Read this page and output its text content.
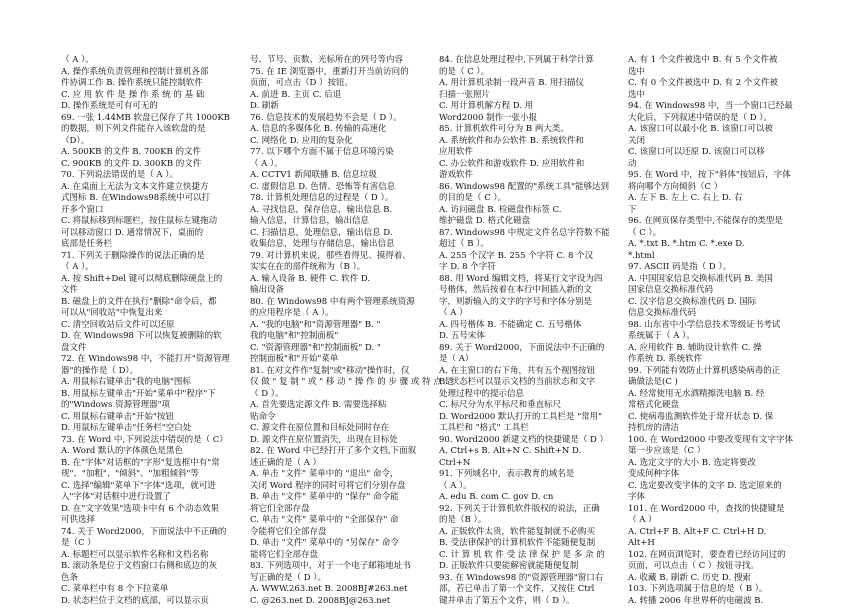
（ A ）。
A. 操作系统负责管理和控制计算机各部
件协调工作 B. 操作系统只能控制软件
C. 应 用 软 件 是 操 作 系 统 的 基 础
D. 操作系统是可有可无的
69. 一张 1.44MB 软盘已保存了共 1000KB
的数据，则下列文件能存入该软盘的是
（D）。
A. 500KB 的文件 B. 700KB 的文件
C. 900KB 的文件 D. 300KB 的文件
70. 下列说法错误的是（ A ）。
A. 在桌面上无法为文本文件建立快捷方
式图标 B. 在Windows98系统中可以打
开多个窗口
C. 将鼠标移到标题栏，按住鼠标左键拖动
可以移动窗口 D. 通常情况下，桌面的
底部是任务栏
71. 下列关于删除操作的说法正确的是
（ A ）。
A. 按 Shift+Del 键可以彻底删除硬盘上的
文件
B. 磁盘上的文件在执行"删除"命令后，都
可以从"回收站"中恢复出来
C. 清空回收站后文件可以还原
D. 在 Windows98 下可以恢复被删除的软
盘文件
72. 在 Windows98 中，不能打开"资源管理
器"的操作是（ D）。
A. 用鼠标右键单击"我的电脑"图标
B. 用鼠标左键单击"开始"菜单中"程序"下
的"Windows 资源管理器"项
C. 用鼠标右键单击"开始"按钮
D. 用鼠标左键单击"任务栏"空白处
73. 在 Word 中,下列说法中错误的是（ C）
A. Word 默认的字体颜色是黑色
B. 在"字体"对话框的"字形"复选框中有"常
规"、"加粗"、"倾斜"、"加粗倾斜"等
C. 选择"编辑"菜单下"字体"选项，就可进
入"字体"对话框中进行设置了
D. 在"文字效果"选项卡中有 6 个动态效果
可供选择
74. 关于 Word2000，下面说法中不正确的
是（C ）
A. 标题栏可以显示软件名称和文档名称
B. 滚动条是位于文档窗口右侧和底边的灰
色条
C. 菜单栏中有 8 个下拉菜单
D. 状态栏位于文档的底部，可以显示页
号、节号、页数、光标所在的列号等内容
75. 在 IE 浏览器中，重新打开当前访问的
页面，可点击（D ）按钮。
A. 前进 B. 主页 C. 后退
D. 刷新
76. 信息技术的发展趋势不会是（ D ）。
A. 信息的多媒体化 B. 传输的高速化
C. 网络化 D. 应用的复杂化
77. 以下哪个方面不属于信息环境污染
（ A ）。
A. CCTV1 新闻联播 B. 信息垃圾
C. 虚假信息 D. 色情、恐怖等有害信息
78. 计算机处理信息的过程是（ D ）。
A. 寻找信息，保存信息，输出信息 B.
输入信息，计算信息，输出信息
C. 扫描信息，处理信息，输出信息 D.
收集信息，处理与存储信息，输出信息
79. 对计算机来说，那些看得见、摸得着、
实实在在的部件统称为（B ）。
A. 输入设备 B. 硬件 C. 软件 D.
输出设备
80. 在 Windows98 中有两个管理系统资源
的应用程序是（ A ）。
A. "我的电脑"和"资源管理器" B. "
我的电脑"和"控制面板"
C. "资源管理器"和"控制面板" D. "
控制面板"和"开始"菜单
81. 在对文件作"复制"或"移动"操作时，仅
仅 做 " 复 制 " 或 " 移 动 " 操 作 的 步 骤 或 特 点 是
（ D ）。
A. 首先要选定源文件 B. 需要选择粘
贴命令
C. 源文件在原位置和目标处同时存在
D. 源文件在原位置消失，出现在目标处
82. 在 Word 中已经打开了多个文档,下面叙
述正确的是（ A ）
A. 单击 "文件" 菜单中的 "退出" 命令，
关闭 Word 程序的同时可将它们分别存盘
B. 单击 "文件" 菜单中的 "保存" 命令能
将它们全部存盘
C. 单击 "文件" 菜单中的 "全部保存" 命
令能将它们全部存盘
D. 单击 "文件" 菜单中的 "另保存" 命令
能将它们全部存盘
83. 下列选项中，对于一个电子邮箱地址书
写正确的是（ D ）。
A. WWW.263.net B. 2008BJ#263.net
C. @263.net D. 2008BJ@263.net
84. 在信息处理过程中,下列属于科学计算
的是（ C ）。
A. 用计算机录制一段声音 B. 用扫描仪
扫描一张照片
C. 用计算机解方程 D. 用
Word2000 制作一张小报
85. 计算机软件可分为 B 两大类。
A. 系统软件和办公软件 B. 系统软件和
应用软件
C. 办公软件和游戏软件 D. 应用软件和
游戏软件
86. Windows98 配置的"系统工具"能够达到
的目的是（ C ）。
A. 访问磁盘 B. 检磁盘作标签 C.
维护磁盘 D. 格式化磁盘
87. Windows98 中规定文件名总字符数不能
超过（ B ）。
A. 255 个汉字 B. 255 个字符 C. 8 个汉
字 D. 8 个字符
88. 用 Word 编辑文档，将某行文字设为四
号楷体，然后按着在本行中间插入新的文
字，则新输入的文字的字号和字体分别是
（ A ）
A. 四号楷体 B. 不能确定 C. 五号楷体
D. 五号宋体
89. 关于 Word2000，下面说法中不正确的
是（ A）
A. 在主窗口的右下角，共有五个视图按钮
B. 状态栏可以显示文档的当前状态和文字
处理过程中的提示信息
C. 标尺分为水平标尺和垂直标尺
D. Word2000 默认打开的工具栏是 "常用"
工具栏和 "格式" 工具栏
90. Word2000 新建文档的快捷键是（ D ）
A. Ctrl+s B. Alt+N C. Shift+N D.
Ctrl+N
91. 下列域名中，表示教育的域名是
（ A ）。
A. edu B. com C. gov D. cn
92. 下列关于计算机软件版权的说法，正确
的是（B ）。
A. 正版软件太贵，软件能复制就不必购买
B. 受法律保护的计算机软件不能随便复制
C. 计 算 机 软 件 受 法 律 保 护 是 多 余 的
D. 正版软件只要能解密就能随便复制
93. 在 Windows98 的"资源管理器"窗口右
部，若已单击了第一个文件，又按住 Ctrl
键并单击了第五个文件，则（ D ）。
A. 有 1 个文件被选中 B. 有 5 个文件被
选中
C. 有 0 个文件被选中 D. 有 2 个文件被
选中
94. 在 Windows98 中，当一个窗口已经最
大化后，下列叙述中错误的是（ D ）。
A. 该窗口可以最小化 B. 该窗口可以被
关闭
C. 该窗口可以还原 D. 该窗口可以移
动
95. 在 Word 中，按下"斜体"按钮后，字体
将向哪个方向倾斜（C ）
A. 左下 B. 左上 C. 右上 D. 右
下
96. 在网页保存类型中,不能保存的类型是
（ C ）。
A. *.txt B. *.htm C. *.exe D.
*.html
97. ASCII 码是指（ D ）。
A. 中国国家信息交换标准代码 B. 美国
国家信息交换标准代码
C. 汉字信息交换标准代码 D. 国际
信息交换标准代码
98. 山东省中小学信息技术等级证书考试
系统属于（ A ）。
A. 应用软件 B. 辅助设计软件 C. 操
作系统 D. 系统软件
99. 下列能有效防止计算机感染病毒的正
确做法是(C )
A. 经常使用无水酒精擦洗电脑 B. 经
常格式化硬盘
C. 使病毒监测软件处于常开状态 D. 保
持机房的清洁
100. 在 Word2000 中要改变现有文字字体
第一步应该是（C ）
A. 选定文字的大小 B. 选定将要改
变成何种字体
C. 选定要改变字体的文字 D. 选定原来的
字体
101. 在 Word2000 中，查找的快捷键是
（ A ）
A. Ctrl+F B. Alt+F C. Ctrl+H D.
Alt+H
102. 在网页浏览时，要查看已经访问过的
页面，可以点击（ C ）按钮寻找。
A. 收藏 B. 刷新 C. 历史 D. 搜索
103. 下列选项属于信息的是（ B ）。
A. 转播 2006 年世界杯的电磁波 B.
